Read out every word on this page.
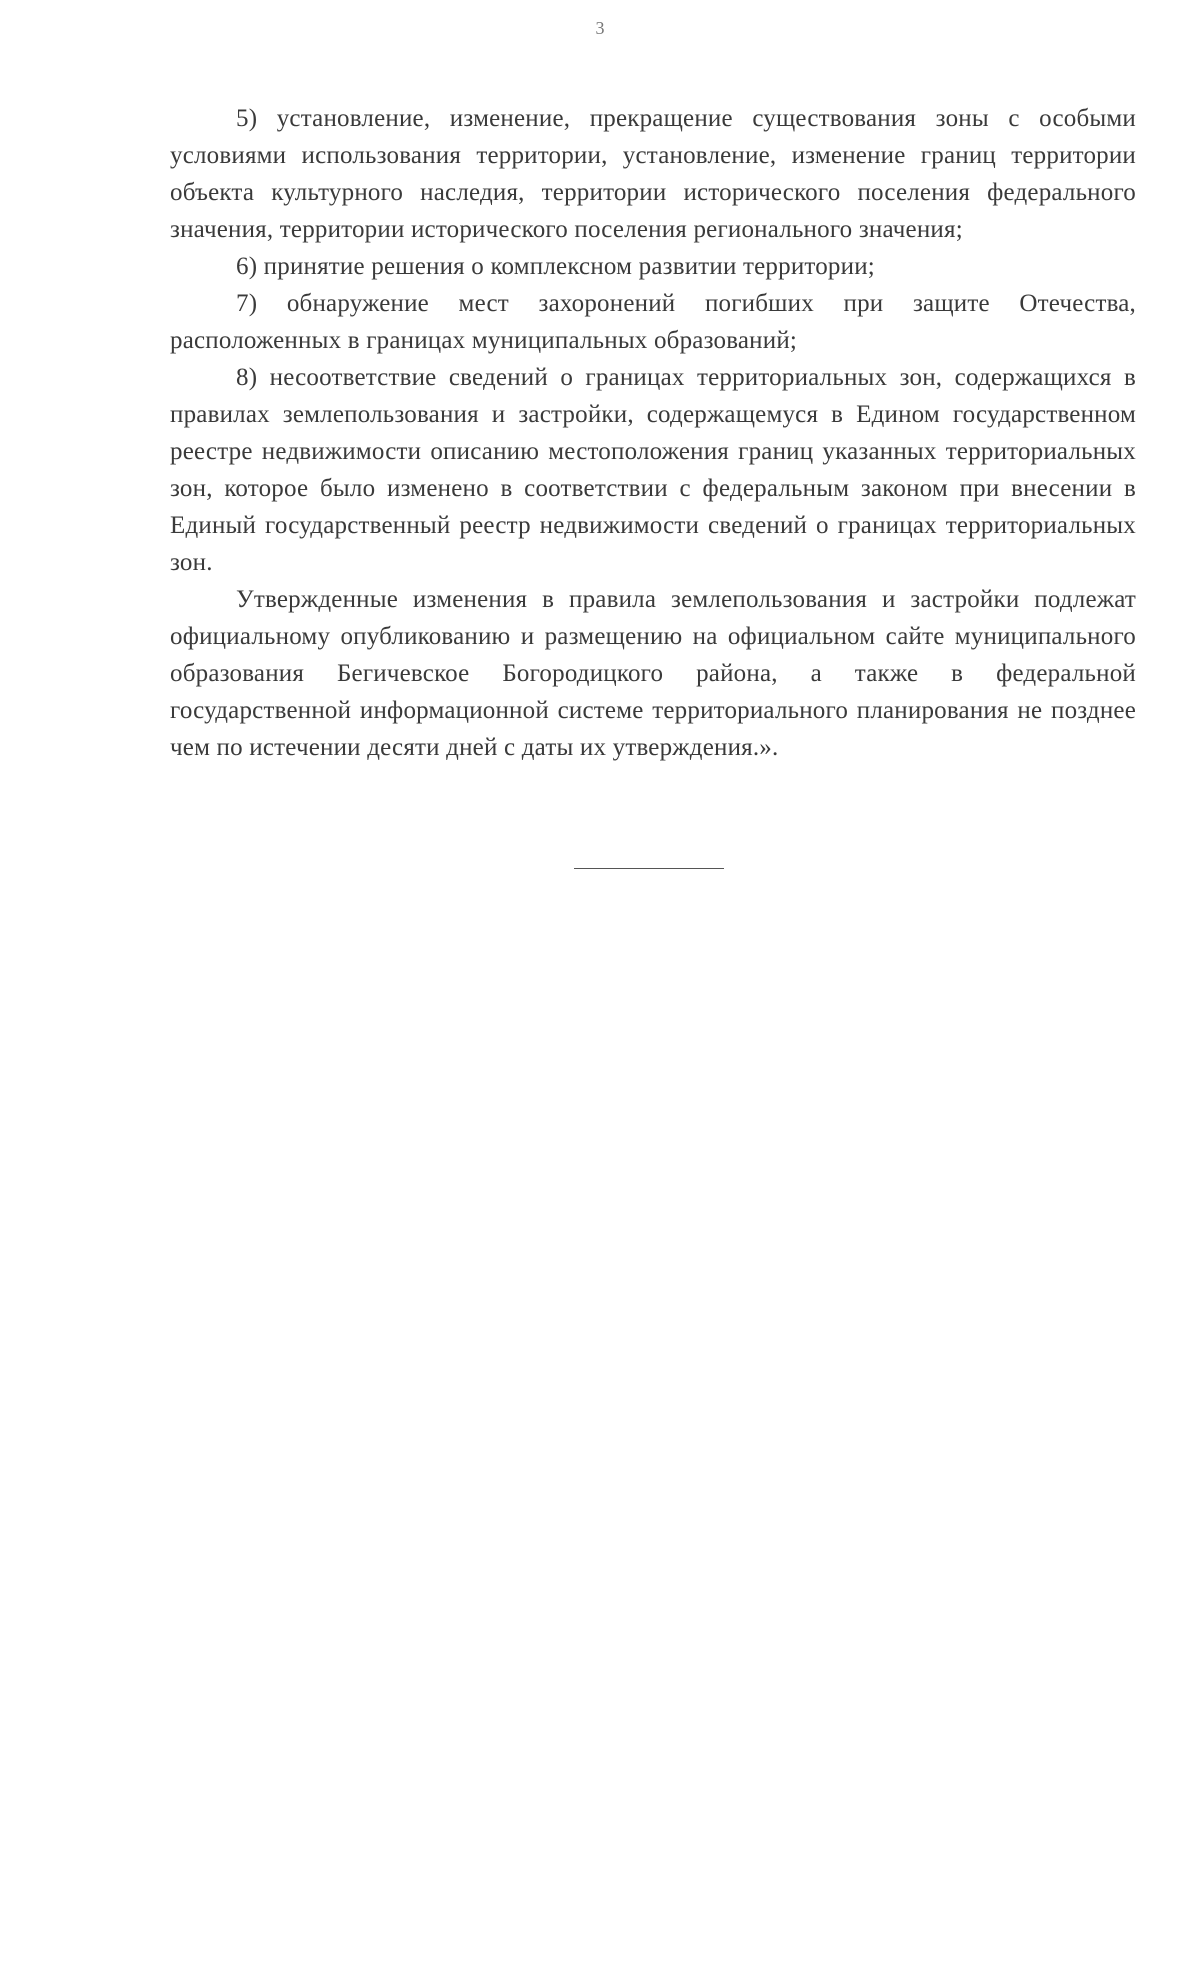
3

5) установление, изменение, прекращение существования зоны с особыми условиями использования территории, установление, изменение границ территории объекта культурного наследия, территории исторического поселения федерального значения, территории исторического поселения регионального значения;

6) принятие решения о комплексном развитии территории;

7) обнаружение мест захоронений погибших при защите Отечества, расположенных в границах муниципальных образований;

8) несоответствие сведений о границах территориальных зон, содержащихся в правилах землепользования и застройки, содержащемуся в Едином государственном реестре недвижимости описанию местоположения границ указанных территориальных зон, которое было изменено в соответствии с федеральным законом при внесении в Единый государственный реестр недвижимости сведений о границах территориальных зон.

Утвержденные изменения в правила землепользования и застройки подлежат официальному опубликованию и размещению на официальном сайте муниципального образования Бегичевское Богородицкого района, а также в федеральной государственной информационной системе территориального планирования не позднее чем по истечении десяти дней с даты их утверждения.».
